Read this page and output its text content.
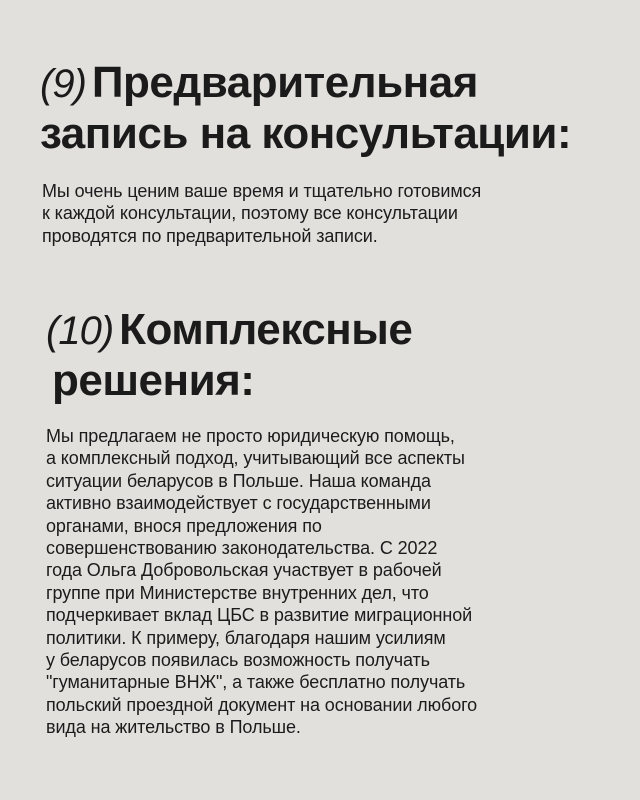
(9) Предварительная
запись на консультации:

Мы очень ценим ваше время и тщательно готовимся
к каждой консультации, поэтому все консультации
проводятся по предварительной записи.

(10) Комплексные
решения:

Мы предлагаем не просто юридическую помощь,
а комплексный подход, учитывающий все аспекты
ситуации беларусов в Польше. Наша команда
активно взаимодействует с государственными
органами, внося предложения по
совершенствованию законодательства. С 2022
года Ольга Добровольская участвует в рабочей
группе при Министерстве внутренних дел, что
подчеркивает вклад ЦБС в развитие миграционной
политики. К примеру, благодаря нашим усилиям
у беларусов появилась возможность получать
"гуманитарные ВНЖ", а также бесплатно получать
польский проездной документ на основании любого
вида на жительство в Польше.
